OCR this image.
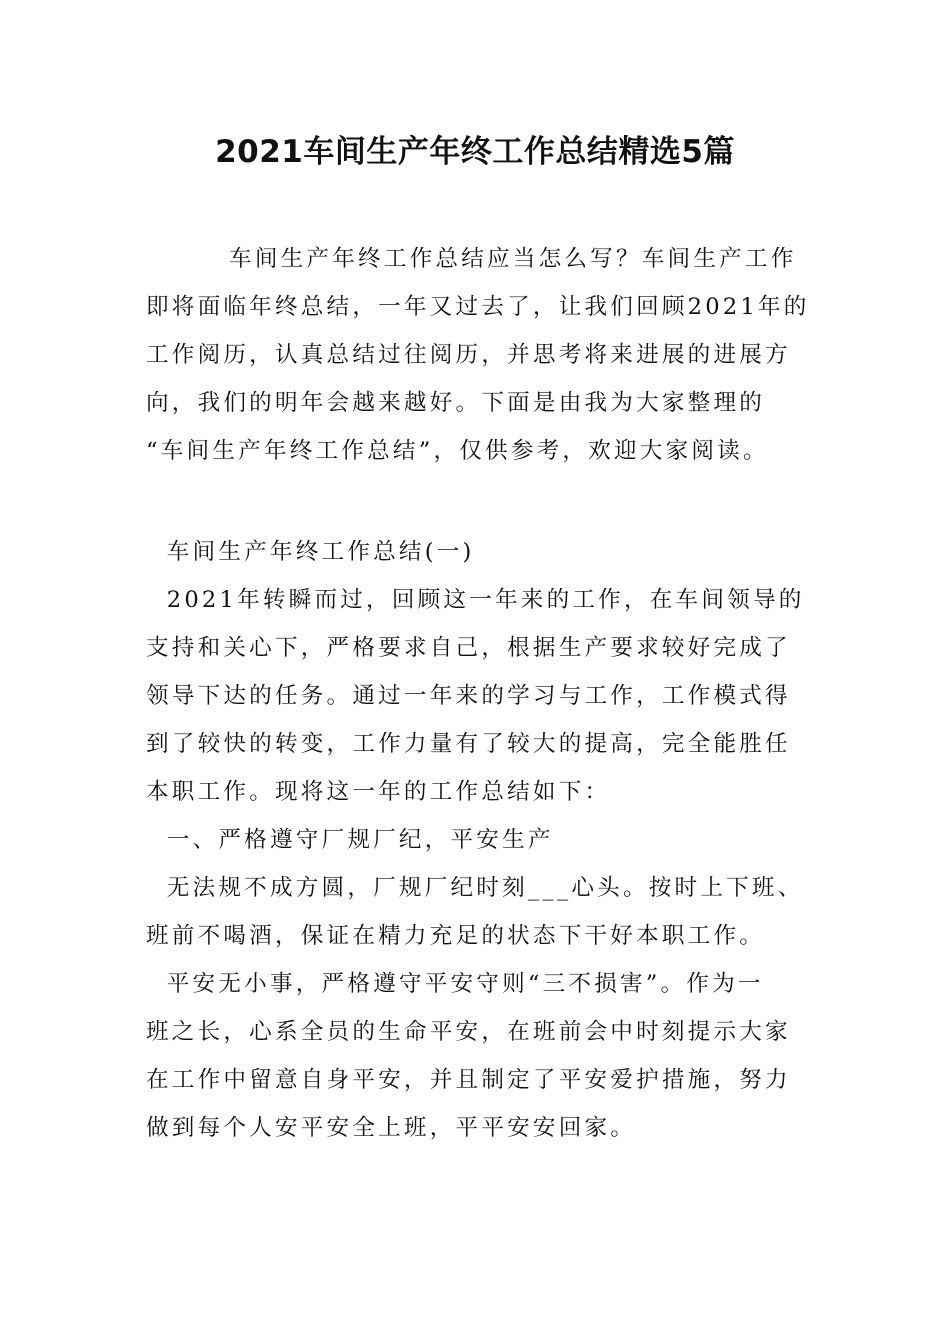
2021车间生产年终工作总结精选5篇
车间生产年终工作总结应当怎么写？车间生产工作
即将面临年终总结，一年又过去了，让我们回顾2021年的
工作阅历，认真总结过往阅历，并思考将来进展的进展方
向，我们的明年会越来越好。下面是由我为大家整理的
“车间生产年终工作总结”，仅供参考，欢迎大家阅读。
车间生产年终工作总结(一)
2021年转瞬而过，回顾这一年来的工作，在车间领导的
支持和关心下，严格要求自己，根据生产要求较好完成了
领导下达的任务。通过一年来的学习与工作，工作模式得
到了较快的转变，工作力量有了较大的提高，完全能胜任
本职工作。现将这一年的工作总结如下：
一、严格遵守厂规厂纪，平安生产
无法规不成方圆，厂规厂纪时刻___心头。按时上下班、
班前不喝酒，保证在精力充足的状态下干好本职工作。
平安无小事，严格遵守平安守则“三不损害”。作为一
班之长，心系全员的生命平安，在班前会中时刻提示大家
在工作中留意自身平安，并且制定了平安爱护措施，努力
做到每个人安平安全上班，平平安安回家。
